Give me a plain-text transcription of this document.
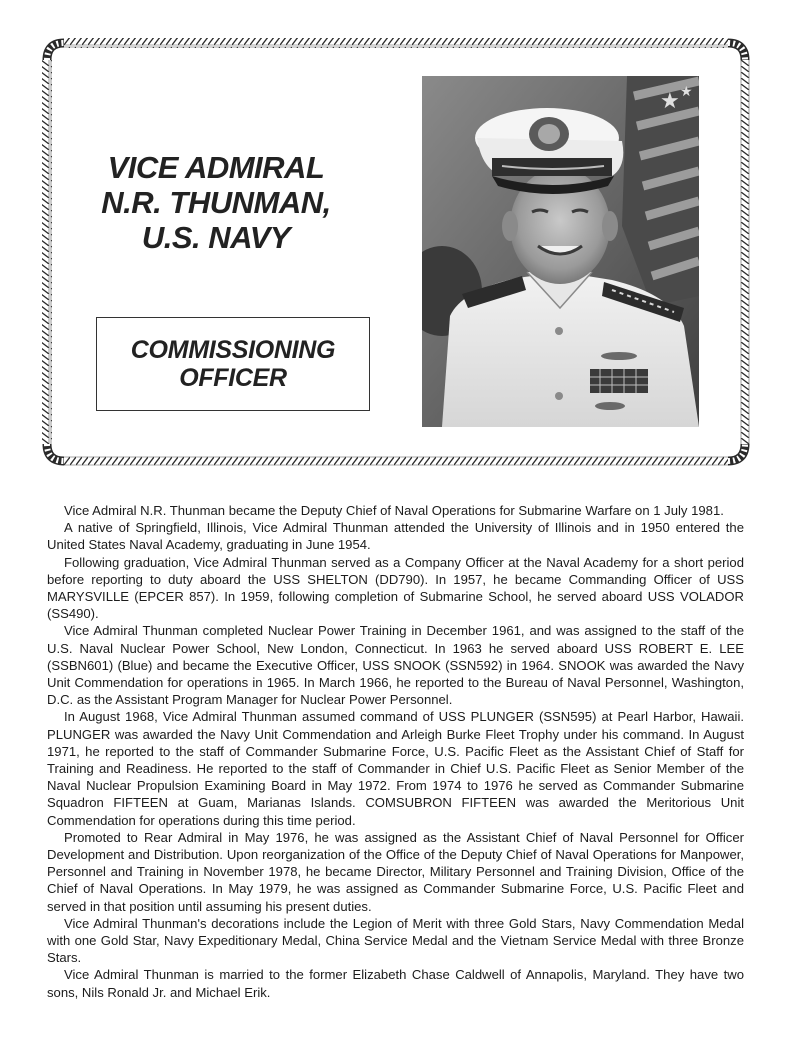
VICE ADMIRAL
N.R. THUNMAN,
U.S. NAVY
COMMISSIONING
OFFICER
★ ★

Vice Admiral N.R. Thunman became the Deputy Chief of Naval Operations for Submarine Warfare on 1 July 1981.

A native of Springfield, Illinois, Vice Admiral Thunman attended the University of Illinois and in 1950 entered the United States Naval Academy, graduating in June 1954.

Following graduation, Vice Admiral Thunman served as a Company Officer at the Naval Academy for a short period before reporting to duty aboard the USS SHELTON (DD790). In 1957, he became Commanding Officer of USS MARYSVILLE (EPCER 857). In 1959, following completion of Submarine School, he served aboard USS VOLADOR (SS490).

Vice Admiral Thunman completed Nuclear Power Training in December 1961, and was assigned to the staff of the U.S. Naval Nuclear Power School, New London, Connecticut. In 1963 he served aboard USS ROBERT E. LEE (SSBN601) (Blue) and became the Executive Officer, USS SNOOK (SSN592) in 1964. SNOOK was awarded the Navy Unit Commendation for operations in 1965. In March 1966, he reported to the Bureau of Naval Personnel, Washington, D.C. as the Assistant Program Manager for Nuclear Power Personnel.

In August 1968, Vice Admiral Thunman assumed command of USS PLUNGER (SSN595) at Pearl Harbor, Hawaii. PLUNGER was awarded the Navy Unit Commendation and Arleigh Burke Fleet Trophy under his command. In August 1971, he reported to the staff of Commander Submarine Force, U.S. Pacific Fleet as the Assistant Chief of Staff for Training and Readiness. He reported to the staff of Commander in Chief U.S. Pacific Fleet as Senior Member of the Naval Nuclear Propulsion Examining Board in May 1972. From 1974 to 1976 he served as Commander Submarine Squadron FIFTEEN at Guam, Marianas Islands. COMSUBRON FIFTEEN was awarded the Meritorious Unit Commendation for operations during this time period.

Promoted to Rear Admiral in May 1976, he was assigned as the Assistant Chief of Naval Personnel for Officer Development and Distribution. Upon reorganization of the Office of the Deputy Chief of Naval Operations for Manpower, Personnel and Training in November 1978, he became Director, Military Personnel and Training Division, Office of the Chief of Naval Operations. In May 1979, he was assigned as Commander Submarine Force, U.S. Pacific Fleet and served in that position until assuming his present duties.

Vice Admiral Thunman's decorations include the Legion of Merit with three Gold Stars, Navy Commendation Medal with one Gold Star, Navy Expeditionary Medal, China Service Medal and the Vietnam Service Medal with three Bronze Stars.

Vice Admiral Thunman is married to the former Elizabeth Chase Caldwell of Annapolis, Maryland. They have two sons, Nils Ronald Jr. and Michael Erik.
